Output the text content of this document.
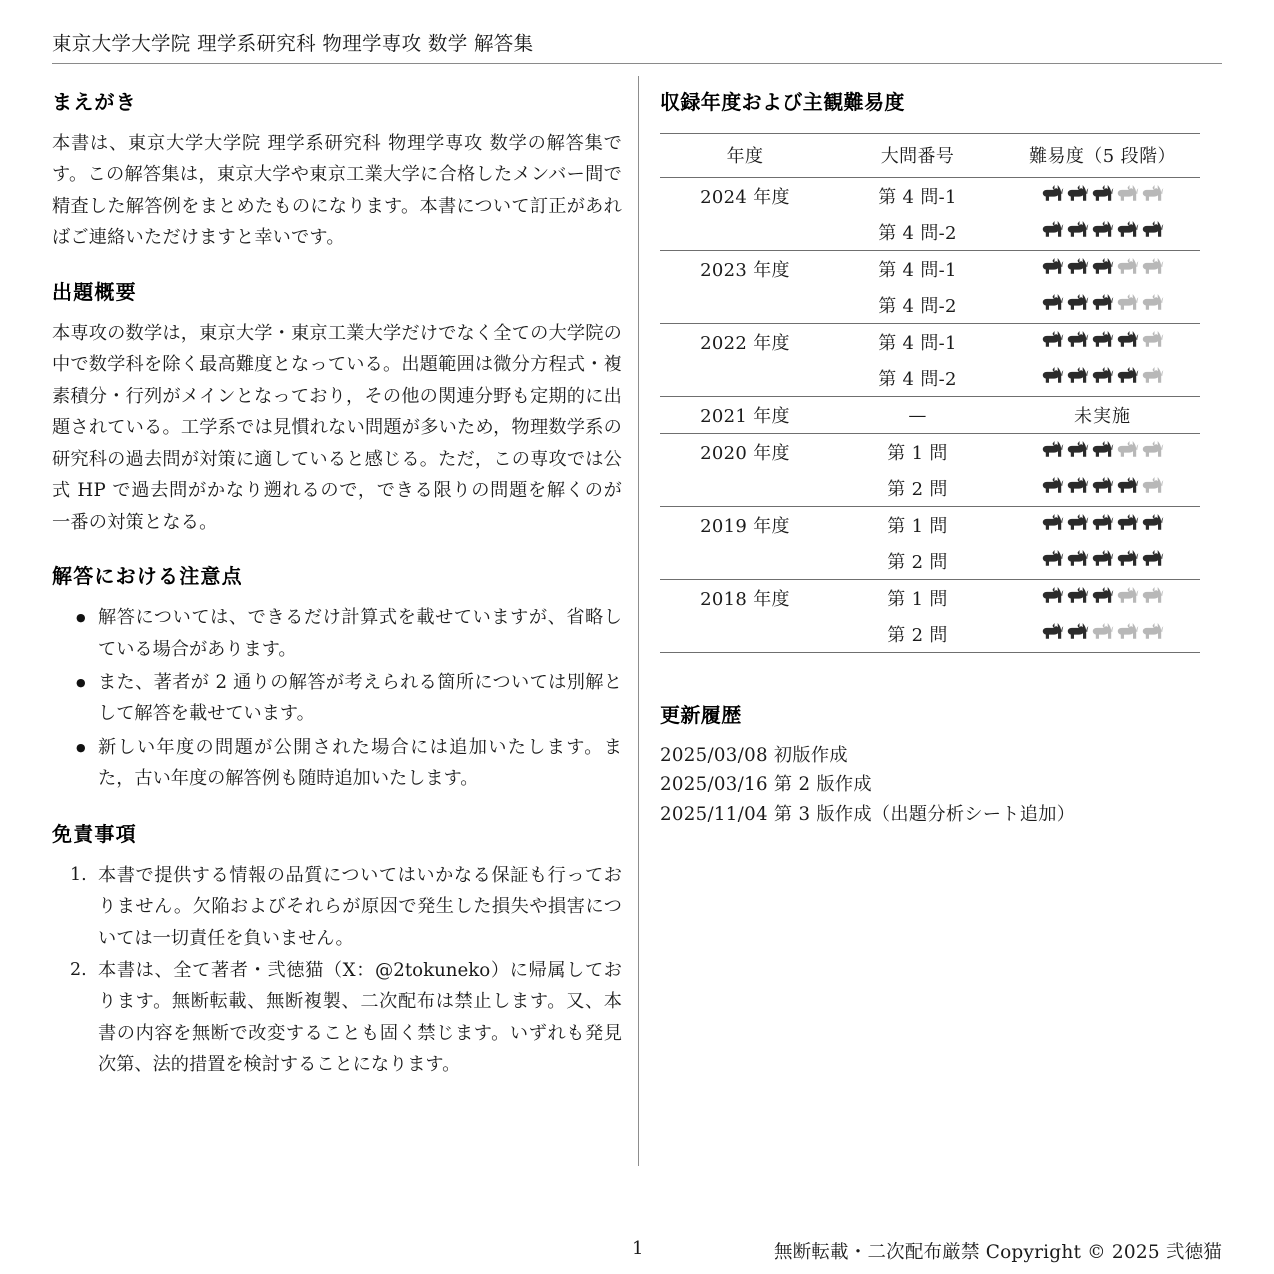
東京大学大学院 理学系研究科 物理学専攻 数学 解答集
まえがき

本書は、東京大学大学院 理学系研究科 物理学専攻 数学の解答集です。この解答集は，東京大学や東京工業大学に合格したメンバー間で精査した解答例をまとめたものになります。本書について訂正があればご連絡いただけますと幸いです。

出題概要

本専攻の数学は，東京大学・東京工業大学だけでなく全ての大学院の中で数学科を除く最高難度となっている。出題範囲は微分方程式・複素積分・行列がメインとなっており，その他の関連分野も定期的に出題されている。工学系では見慣れない問題が多いため，物理数学系の研究科の過去問が対策に適していると感じる。ただ，この専攻では公式 HP で過去問がかなり遡れるので，できる限りの問題を解くのが一番の対策となる。

解答における注意点
● 解答については、できるだけ計算式を載せていますが、省略している場合があります。
● また、著者が 2 通りの解答が考えられる箇所については別解として解答を載せています。
● 新しい年度の問題が公開された場合には追加いたします。また，古い年度の解答例も随時追加いたします。
免責事項
本書で提供する情報の品質についてはいかなる保証も行っておりません。欠陥およびそれらが原因で発生した損失や損害については一切責任を負いません。
本書は、全て著者・弐徳猫（X：@2tokuneko）に帰属しております。無断転載、無断複製、二次配布は禁止します。又、本書の内容を無断で改変することも固く禁じます。いずれも発見次第、法的措置を検討することになります。
収録年度および主観難易度
年度	大問番号	難易度（5 段階）
2024 年度	第 4 問-1	

	第 4 問-2	

2023 年度	第 4 問-1	

	第 4 問-2	

2022 年度	第 4 問-1	

	第 4 問-2	

2021 年度	—	未実施
2020 年度	第 1 問	

	第 2 問	

2019 年度	第 1 問	

	第 2 問	

2018 年度	第 1 問	

	第 2 問	
更新履歴
2025/03/08 初版作成
2025/03/16 第 2 版作成
2025/11/04 第 3 版作成（出題分析シート追加）
1	無断転載・二次配布厳禁 Copyright © 2025 弐徳猫
